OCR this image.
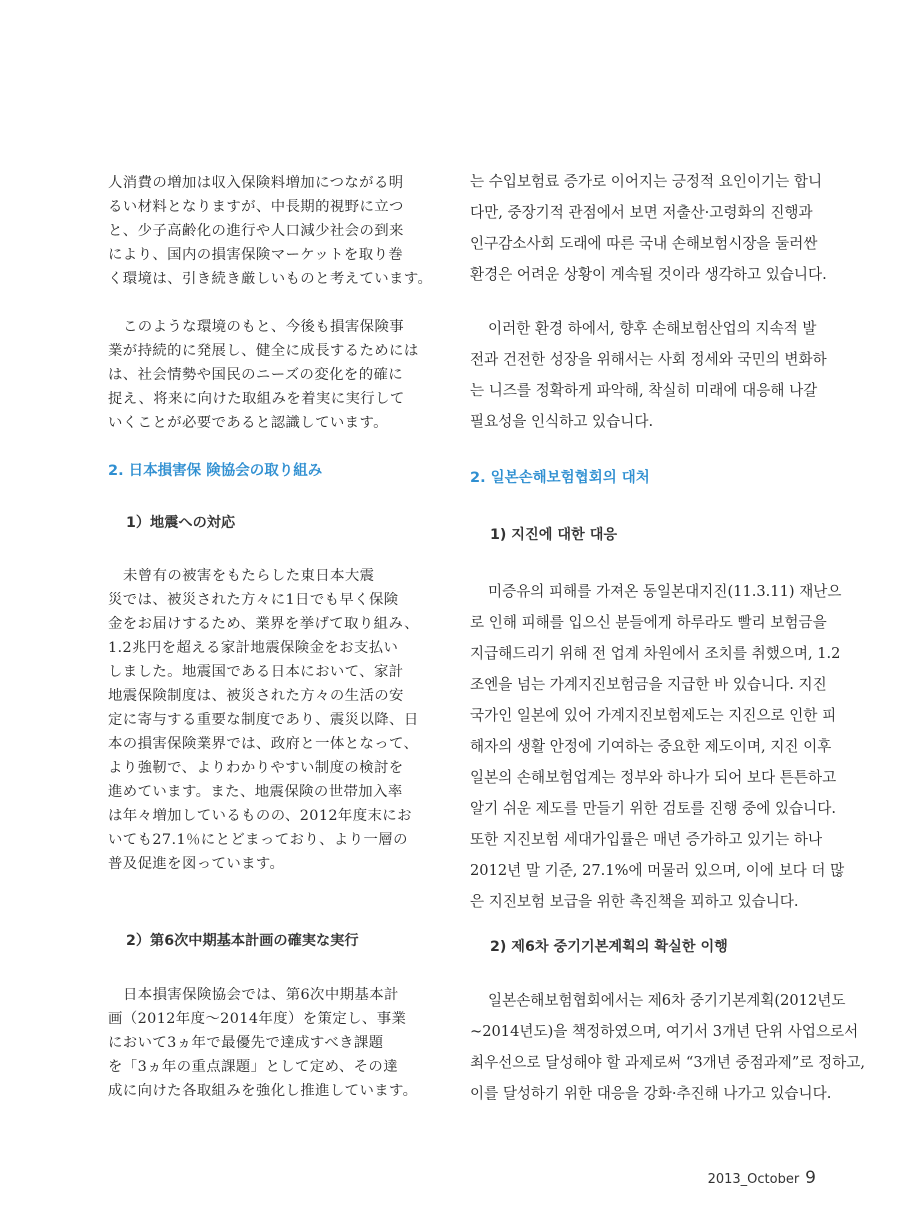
人消費の増加は収入保険料増加につながる明
るい材料となりますが、中長期的視野に立つ
と、少子高齢化の進行や人口減少社会の到来
により、国内の損害保険マーケットを取り巻
く環境は、引き続き厳しいものと考えています。
このような環境のもと、今後も損害保険事
業が持続的に発展し、健全に成長するためには
は、社会情勢や国民のニーズの変化を的確に
捉え、将来に向けた取組みを着実に実行して
いくことが必要であると認識しています。
2. 日本損害保 険協会の取り組み
1）地震への対応
未曾有の被害をもたらした東日本大震
災では、被災された方々に1日でも早く保険
金をお届けするため、業界を挙げて取り組み、
1.2兆円を超える家計地震保険金をお支払い
しました。地震国である日本において、家計
地震保険制度は、被災された方々の生活の安
定に寄与する重要な制度であり、震災以降、日
本の損害保険業界では、政府と一体となって、
より強靭で、よりわかりやすい制度の検討を
進めています。また、地震保険の世帯加入率
は年々増加しているものの、2012年度末にお
いても27.1％にとどまっており、より一層の
普及促進を図っています。
2）第6次中期基本計画の確実な実行
日本損害保険協会では、第6次中期基本計
画（2012年度～2014年度）を策定し、事業
において3ヵ年で最優先で達成すべき課題
を「3ヵ年の重点課題」として定め、その達
成に向けた各取組みを強化し推進しています。
는 수입보험료 증가로 이어지는 긍정적 요인이기는 합니
다만, 중장기적 관점에서 보면 저출산·고령화의 진행과
인구감소사회 도래에 따른 국내 손해보험시장을 둘러싼
환경은 어려운 상황이 계속될 것이라 생각하고 있습니다.
이러한 환경 하에서, 향후 손해보험산업의 지속적 발
전과 건전한 성장을 위해서는 사회 정세와 국민의 변화하
는 니즈를 정확하게 파악해, 착실히 미래에 대응해 나갈
필요성을 인식하고 있습니다.
2. 일본손해보험협회의 대처
1) 지진에 대한 대응
미증유의 피해를 가져온 동일본대지진(11.3.11) 재난으
로 인해 피해를 입으신 분들에게 하루라도 빨리 보험금을
지급해드리기 위해 전 업계 차원에서 조치를 취했으며, 1.2
조엔을 넘는 가계지진보험금을 지급한 바 있습니다. 지진
국가인 일본에 있어 가계지진보험제도는 지진으로 인한 피
해자의 생활 안정에 기여하는 중요한 제도이며, 지진 이후
일본의 손해보험업계는 정부와 하나가 되어 보다 튼튼하고
알기 쉬운 제도를 만들기 위한 검토를 진행 중에 있습니다.
또한 지진보험 세대가입률은 매년 증가하고 있기는 하나
2012년 말 기준, 27.1%에 머물러 있으며, 이에 보다 더 많
은 지진보험 보급을 위한 촉진책을 꾀하고 있습니다.
2) 제6차 중기기본계획의 확실한 이행
일본손해보험협회에서는 제6차 중기기본계획(2012년도
~2014년도)을 책정하였으며, 여기서 3개년 단위 사업으로서
최우선으로 달성해야 할 과제로써 “3개년 중점과제”로 정하고,
이를 달성하기 위한 대응을 강화·추진해 나가고 있습니다.
2013_October 9
